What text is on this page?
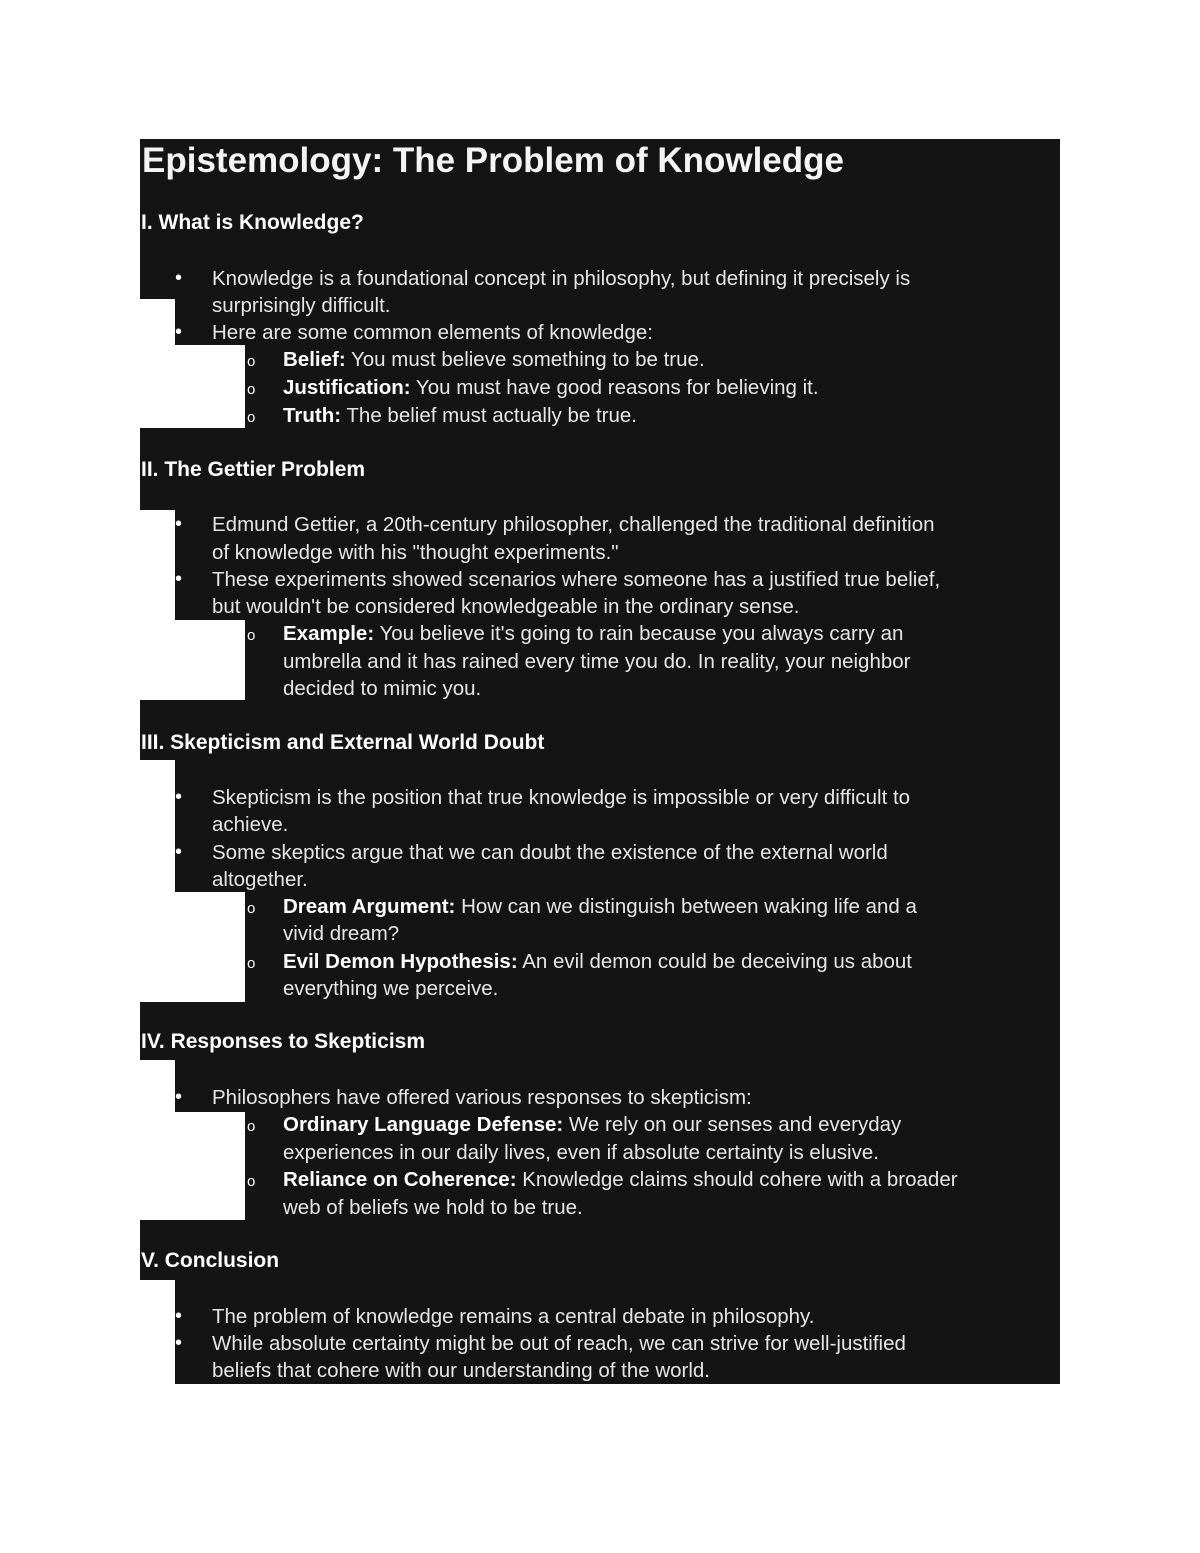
Epistemology: The Problem of Knowledge
I. What is Knowledge?
• Knowledge is a foundational concept in philosophy, but defining it precisely is
surprisingly difficult.
• Here are some common elements of knowledge:
o Belief: You must believe something to be true.
o Justification: You must have good reasons for believing it.
o Truth: The belief must actually be true.
II. The Gettier Problem
• Edmund Gettier, a 20th-century philosopher, challenged the traditional definition
of knowledge with his "thought experiments."
• These experiments showed scenarios where someone has a justified true belief,
but wouldn't be considered knowledgeable in the ordinary sense.
o Example: You believe it's going to rain because you always carry an
umbrella and it has rained every time you do. In reality, your neighbor
decided to mimic you.
III. Skepticism and External World Doubt
• Skepticism is the position that true knowledge is impossible or very difficult to
achieve.
• Some skeptics argue that we can doubt the existence of the external world
altogether.
o Dream Argument: How can we distinguish between waking life and a
vivid dream?
o Evil Demon Hypothesis: An evil demon could be deceiving us about
everything we perceive.
IV. Responses to Skepticism
• Philosophers have offered various responses to skepticism:
o Ordinary Language Defense: We rely on our senses and everyday
experiences in our daily lives, even if absolute certainty is elusive.
o Reliance on Coherence: Knowledge claims should cohere with a broader
web of beliefs we hold to be true.
V. Conclusion
• The problem of knowledge remains a central debate in philosophy.
• While absolute certainty might be out of reach, we can strive for well-justified
beliefs that cohere with our understanding of the world.
